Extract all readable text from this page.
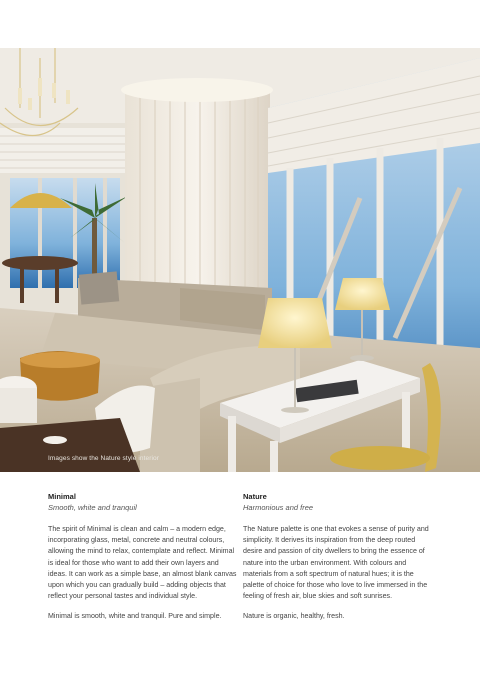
Images show the Nature style interior
Minimal
Smooth, white and tranquil

The spirit of Minimal is clean and calm – a modern edge, incorporating glass, metal, concrete and neutral colours, allowing the mind to relax, contemplate and reflect. Minimal is ideal for those who want to add their own layers and ideas. It can work as a simple base, an almost blank canvas upon which you can gradually build – adding objects that reflect your personal tastes and individual style.

Minimal is smooth, white and tranquil. Pure and simple.

Nature
Harmonious and free

The Nature palette is one that evokes a sense of purity and simplicity. It derives its inspiration from the deep routed desire and passion of city dwellers to bring the essence of nature into the urban environment. With colours and materials from a soft spectrum of natural hues; it is the palette of choice for those who love to live immersed in the feeling of fresh air, blue skies and soft sunrises.

Nature is organic, healthy, fresh.
